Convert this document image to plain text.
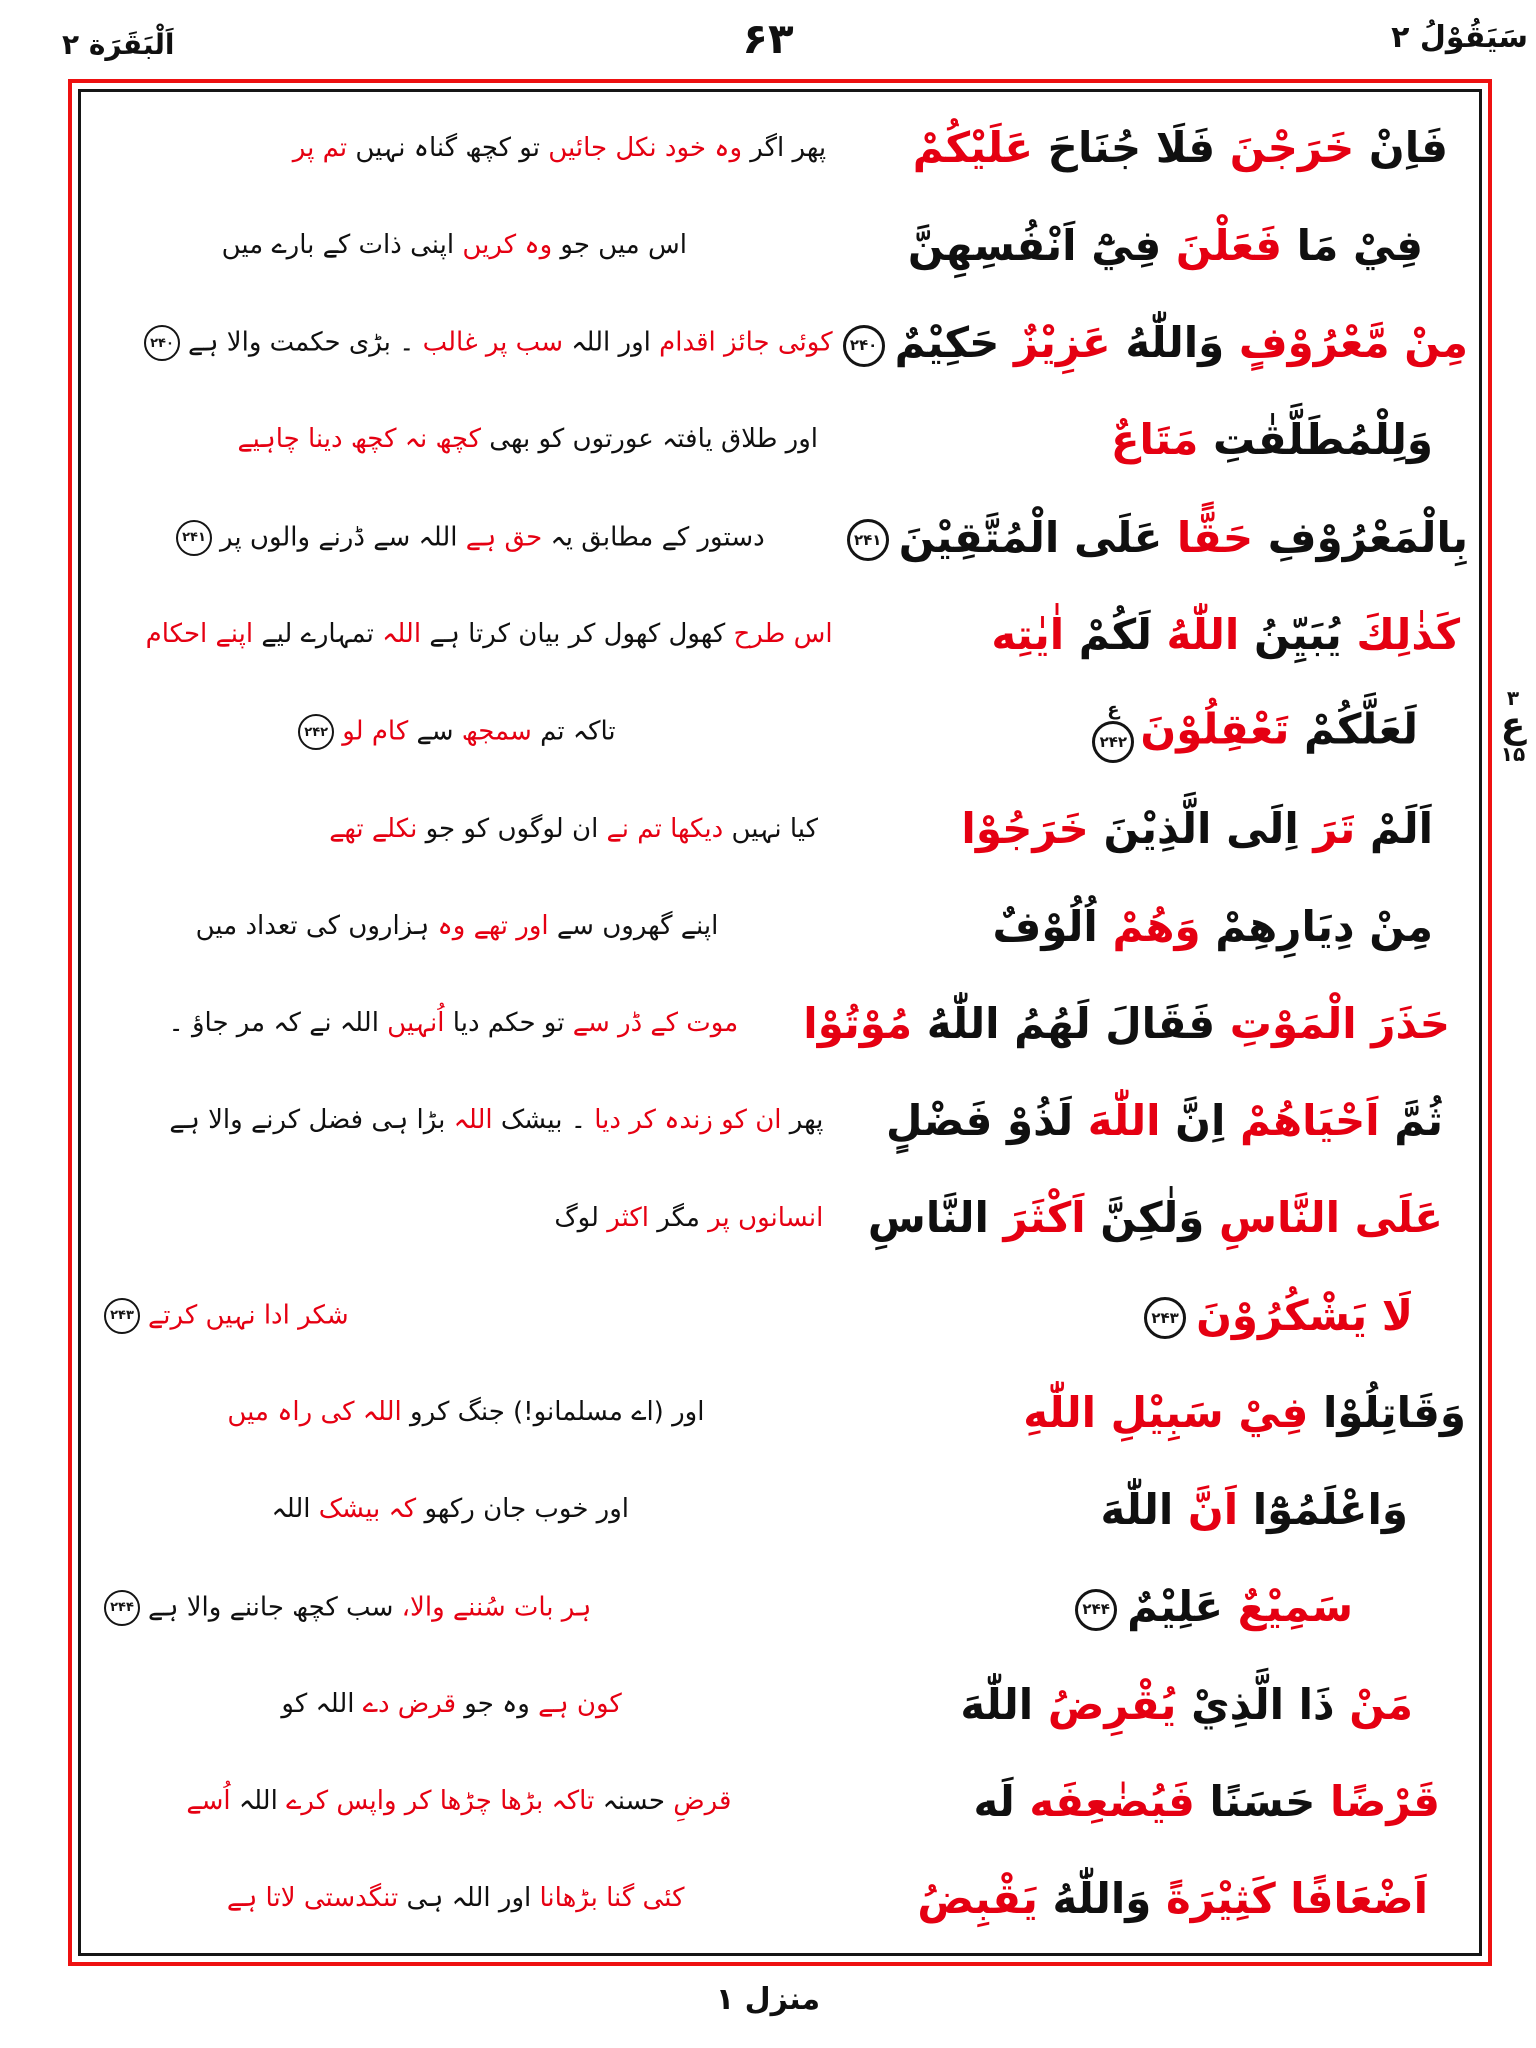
سَيَقُوْلُ ۲
۶۳
اَلْبَقَرَة ۲
فَاِنْ خَرَجْنَ فَلَا جُنَاحَ عَلَيْكُمْ
پھر اگر وہ خود نکل جائیں تو کچھ گناہ نہیں تم پر
فِيْ مَا فَعَلْنَ فِيْٓ اَنْفُسِهِنَّ
اس میں جو وہ کریں اپنی ذات کے بارے میں
مِنْ مَّعْرُوْفٍ وَاللّٰهُ عَزِيْزٌ حَكِيْمٌ۲۴۰
کوئی جائز اقدام اور اللہ سب پر غالب ۔ بڑی حکمت والا ہے۲۴۰
وَلِلْمُطَلَّقٰتِ مَتَاعٌ
اور طلاق یافتہ عورتوں کو بھی کچھ نہ کچھ دینا چاہیے
بِالْمَعْرُوْفِ حَقًّا عَلَى الْمُتَّقِيْنَ۲۴۱
دستور کے مطابق یہ حق ہے اللہ سے ڈرنے والوں پر۲۴۱
كَذٰلِكَ يُبَيِّنُ اللّٰهُ لَكُمْ اٰيٰتِه
اس طرح کھول کھول کر بیان کرتا ہے اللہ تمہارے لیے اپنے احکام
لَعَلَّكُمْ تَعْقِلُوْنَ
ع
۲۴۲
تاکہ تم سمجھ سے کام لو۲۴۲
اَلَمْ تَرَ اِلَى الَّذِيْنَ خَرَجُوْا
کیا نہیں دیکھا تم نے ان لوگوں کو جو نکلے تھے
مِنْ دِيَارِهِمْ وَهُمْ اُلُوْفٌ
اپنے گھروں سے اور تھے وہ ہزاروں کی تعداد میں
حَذَرَ الْمَوْتِ فَقَالَ لَهُمُ اللّٰهُ مُوْتُوْا
موت کے ڈر سے تو حکم دیا اُنہیں اللہ نے کہ مر جاؤ ۔
ثُمَّ اَحْيَاهُمْ اِنَّ اللّٰهَ لَذُوْ فَضْلٍ
پھر ان کو زندہ کر دیا ۔ بیشک اللہ بڑا ہی فضل کرنے والا ہے
عَلَى النَّاسِ وَلٰكِنَّ اَكْثَرَ النَّاسِ
انسانوں پر مگر اکثر لوگ
لَا يَشْكُرُوْنَ۲۴۳
شکر ادا نہیں کرتے۲۴۳
وَقَاتِلُوْا فِيْ سَبِيْلِ اللّٰهِ
اور (اے مسلمانو!) جنگ کرو اللہ کی راہ میں
وَاعْلَمُوْٓا اَنَّ اللّٰهَ
اور خوب جان رکھو کہ بیشک اللہ
سَمِيْعٌ عَلِيْمٌ۲۴۴
ہر بات سُننے والا، سب کچھ جاننے والا ہے۲۴۴
مَنْ ذَا الَّذِيْ يُقْرِضُ اللّٰهَ
کون ہے وہ جو قرض دے اللہ کو
قَرْضًا حَسَنًا فَيُضٰعِفَه لَه
قرضِ حسنہ تاکہ بڑھا چڑھا کر واپس کرے اللہ اُسے
اَضْعَافًا كَثِيْرَةً وَاللّٰهُ يَقْبِضُ
کئی گنا بڑھانا اور اللہ ہی تنگدستی لاتا ہے
۳
ع
۱۵
منزل ۱
